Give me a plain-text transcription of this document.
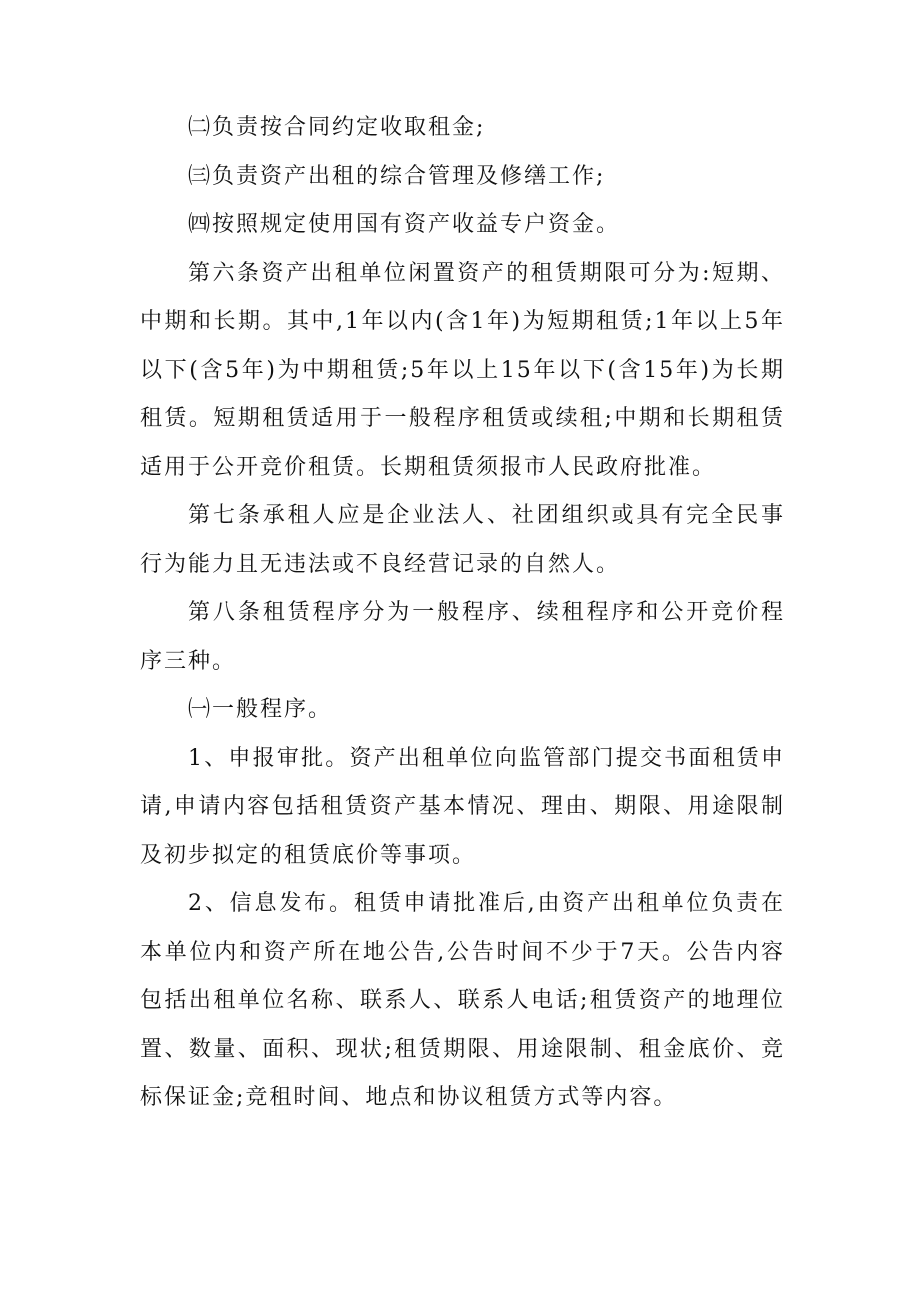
㈡负责按合同约定收取租金;

㈢负责资产出租的综合管理及修缮工作;

㈣按照规定使用国有资产收益专户资金。

第六条资产出租单位闲置资产的租赁期限可分为:短期、中期和长期。其中,1年以内(含1年)为短期租赁;1年以上5年以下(含5年)为中期租赁;5年以上15年以下(含15年)为长期租赁。短期租赁适用于一般程序租赁或续租;中期和长期租赁适用于公开竞价租赁。长期租赁须报市人民政府批准。

第七条承租人应是企业法人、社团组织或具有完全民事行为能力且无违法或不良经营记录的自然人。

第八条租赁程序分为一般程序、续租程序和公开竞价程序三种。

㈠一般程序。

1、申报审批。资产出租单位向监管部门提交书面租赁申请,申请内容包括租赁资产基本情况、理由、期限、用途限制及初步拟定的租赁底价等事项。

2、信息发布。租赁申请批准后,由资产出租单位负责在本单位内和资产所在地公告,公告时间不少于7天。公告内容包括出租单位名称、联系人、联系人电话;租赁资产的地理位置、数量、面积、现状;租赁期限、用途限制、租金底价、竞标保证金;竞租时间、地点和协议租赁方式等内容。
